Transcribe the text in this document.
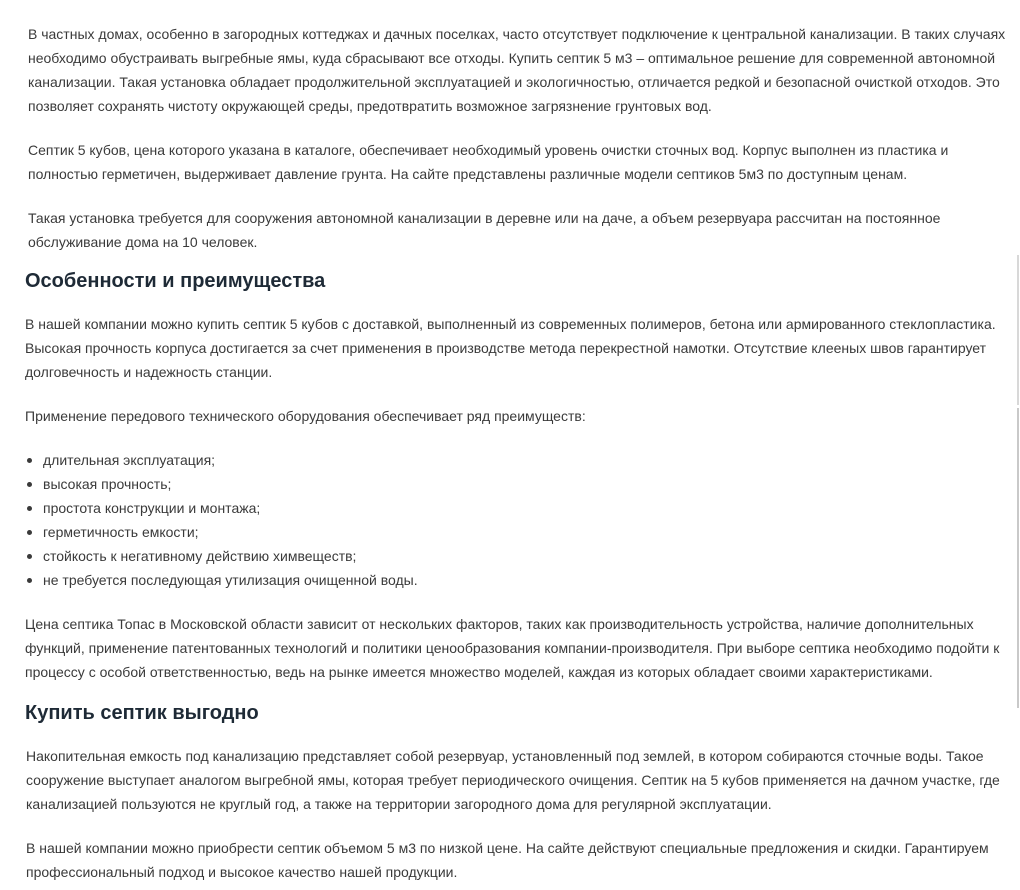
В частных домах, особенно в загородных коттеджах и дачных поселках, часто отсутствует подключение к центральной канализации. В таких случаях
необходимо обустраивать выгребные ямы, куда сбрасывают все отходы. Купить септик 5 м3 – оптимальное решение для современной автономной
канализации. Такая установка обладает продолжительной эксплуатацией и экологичностью, отличается редкой и безопасной очисткой отходов. Это
позволяет сохранять чистоту окружающей среды, предотвратить возможное загрязнение грунтовых вод.

Септик 5 кубов, цена которого указана в каталоге, обеспечивает необходимый уровень очистки сточных вод. Корпус выполнен из пластика и
полностью герметичен, выдерживает давление грунта. На сайте представлены различные модели септиков 5м3 по доступным ценам.

Такая установка требуется для сооружения автономной канализации в деревне или на даче, а объем резервуара рассчитан на постоянное
обслуживание дома на 10 человек.

Особенности и преимущества

В нашей компании можно купить септик 5 кубов с доставкой, выполненный из современных полимеров, бетона или армированного стеклопластика.
Высокая прочность корпуса достигается за счет применения в производстве метода перекрестной намотки. Отсутствие клееных швов гарантирует
долговечность и надежность станции.

Применение передового технического оборудования обеспечивает ряд преимуществ:

длительная эксплуатация;
высокая прочность;
простота конструкции и монтажа;
герметичность емкости;
стойкость к негативному действию химвеществ;
не требуется последующая утилизация очищенной воды.

Цена септика Топас в Московской области зависит от нескольких факторов, таких как производительность устройства, наличие дополнительных
функций, применение патентованных технологий и политики ценообразования компании-производителя. При выборе септика необходимо подойти к
процессу с особой ответственностью, ведь на рынке имеется множество моделей, каждая из которых обладает своими характеристиками.

Купить септик выгодно

Накопительная емкость под канализацию представляет собой резервуар, установленный под землей, в котором собираются сточные воды. Такое
сооружение выступает аналогом выгребной ямы, которая требует периодического очищения. Септик на 5 кубов применяется на дачном участке, где
канализацией пользуются не круглый год, а также на территории загородного дома для регулярной эксплуатации.

В нашей компании можно приобрести септик объемом 5 м3 по низкой цене. На сайте действуют специальные предложения и скидки. Гарантируем
профессиональный подход и высокое качество нашей продукции.
